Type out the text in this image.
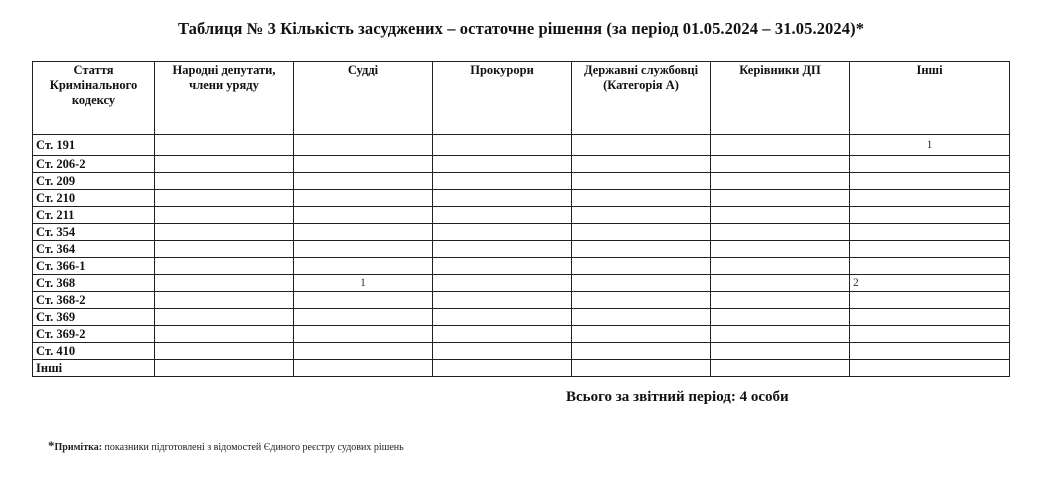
Таблиця № 3 Кількість засуджених – остаточне рішення (за період 01.05.2024 – 31.05.2024)*
Стаття Кримінального кодексу	Народні депутати, члени уряду	Судді	Прокурори	Державні службовці (Категорія А)	Керівники ДП	Інші
Ст. 191						1
Ст. 206-2						
Ст. 209						
Ст. 210						
Ст. 211						
Ст. 354						
Ст. 364						
Ст. 366-1						
Ст. 368		1				2
Ст. 368-2						
Ст. 369						
Ст. 369-2						
Ст. 410						
Інші						
Всього за звітний період: 4 особи
*Примітка: показники підготовлені з відомостей Єдиного реєстру судових рішень
